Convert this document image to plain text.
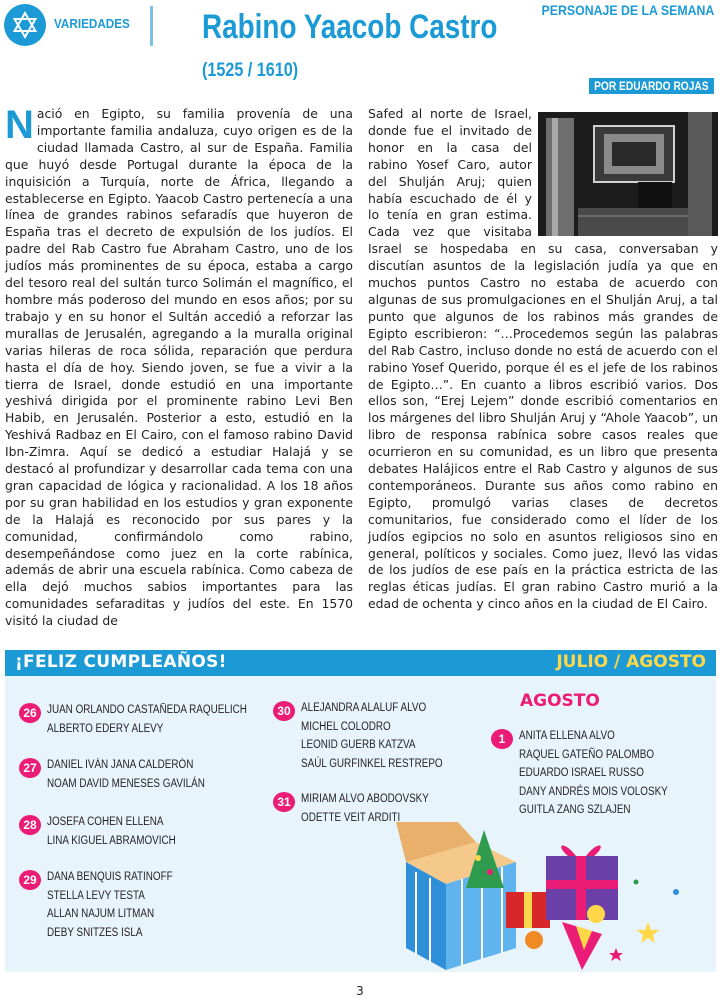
VARIEDADES Rabino Yaacob Castro
(1525 / 1610)
PERSONAJE DE LA SEMANA
POR EDUARDO ROJAS
Nació en Egipto, su familia provenía de una importante familia andaluza, cuyo origen es de la ciudad llamada Castro, al sur de España. Familia que huyó desde Portugal durante la época de la inquisición a Turquía, norte de África, llegando a establecerse en Egipto. Yaacob Castro pertenecía a una línea de grandes rabinos sefaradís que huyeron de España tras el decreto de expulsión de los judíos. El padre del Rab Castro fue Abraham Castro, uno de los judíos más prominentes de su época, estaba a cargo del tesoro real del sultán turco Solimán el magnífico, el hombre más poderoso del mundo en esos años; por su trabajo y en su honor el Sultán accedió a reforzar las murallas de Jerusalén, agregando a la muralla original varias hileras de roca sólida, reparación que perdura hasta el día de hoy. Siendo joven, se fue a vivir a la tierra de Israel, donde estudió en una importante yeshivá dirigida por el prominente rabino Levi Ben Habib, en Jerusalén. Posterior a esto, estudió en la Yeshivá Radbaz en El Cairo, con el famoso rabino David Ibn-Zimra. Aquí se dedicó a estudiar Halajá y se destacó al profundizar y desarrollar cada tema con una gran capacidad de lógica y racionalidad. A los 18 años por su gran habilidad en los estudios y gran exponente de la Halajá es reconocido por sus pares y la comunidad, confirmándolo como rabino, desempeñándose como juez en la corte rabínica, además de abrir una escuela rabínica. Como cabeza de ella dejó muchos sabios importantes para las comunidades sefaraditas y judíos del este. En 1570 visitó la ciudad de
Safed al norte de Israel, donde fue el invitado de honor en la casa del rabino Yosef Caro, autor del Shulján Aruj; quien había escuchado de él y lo tenía en gran estima. Cada vez que visitaba Israel se hospedaba en su casa, conversaban y discutían asuntos de la legislación judía ya que en muchos puntos Castro no estaba de acuerdo con algunas de sus promulgaciones en el Shulján Aruj, a tal punto que algunos de los rabinos más grandes de Egipto escribieron: “…Procedemos según las palabras del Rab Castro, incluso donde no está de acuerdo con el rabino Yosef Querido, porque él es el jefe de los rabinos de Egipto…”. En cuanto a libros escribió varios. Dos ellos son, “Erej Lejem” donde escribió comentarios en los márgenes del libro Shulján Aruj y “Ahole Yaacob”, un libro de responsa rabínica sobre casos reales que ocurrieron en su comunidad, es un libro que presenta debates Halájicos entre el Rab Castro y algunos de sus contemporáneos. Durante sus años como rabino en Egipto, promulgó varias clases de decretos comunitarios, fue considerado como el líder de los judíos egipcios no solo en asuntos religiosos sino en general, políticos y sociales. Como juez, llevó las vidas de los judíos de ese país en la práctica estricta de las reglas éticas judías. El gran rabino Castro murió a la edad de ochenta y cinco años en la ciudad de El Cairo.
¡FELIZ CUMPLEAÑOS!	JULIO / AGOSTO
26 JUAN ORLANDO CASTAÑEDA RAQUELICH
ALBERTO EDERY ALEVY
27 DANIEL IVÁN JANA CALDERÓN
NOAM DAVID MENESES GAVILÁN
28 JOSEFA COHEN ELLENA
LINA KIGUEL ABRAMOVICH
29 DANA BENQUIS RATINOFF
STELLA LEVY TESTA
ALLAN NAJUM LITMAN
DEBY SNITZES ISLA
30 ALEJANDRA ALALUF ALVO
MICHEL COLODRO
LEONID GUERB KATZVA
SAÚL GURFINKEL RESTREPO
31 MIRIAM ALVO ABODOVSKY
ODETTE VEIT ARDITI
AGOSTO
1	ANITA ELLENA ALVO
RAQUEL GATEÑO PALOMBO
EDUARDO ISRAEL RUSSO
DANY ANDRÉS MOIS VOLOSKY
GUITLA ZANG SZLAJEN
3
